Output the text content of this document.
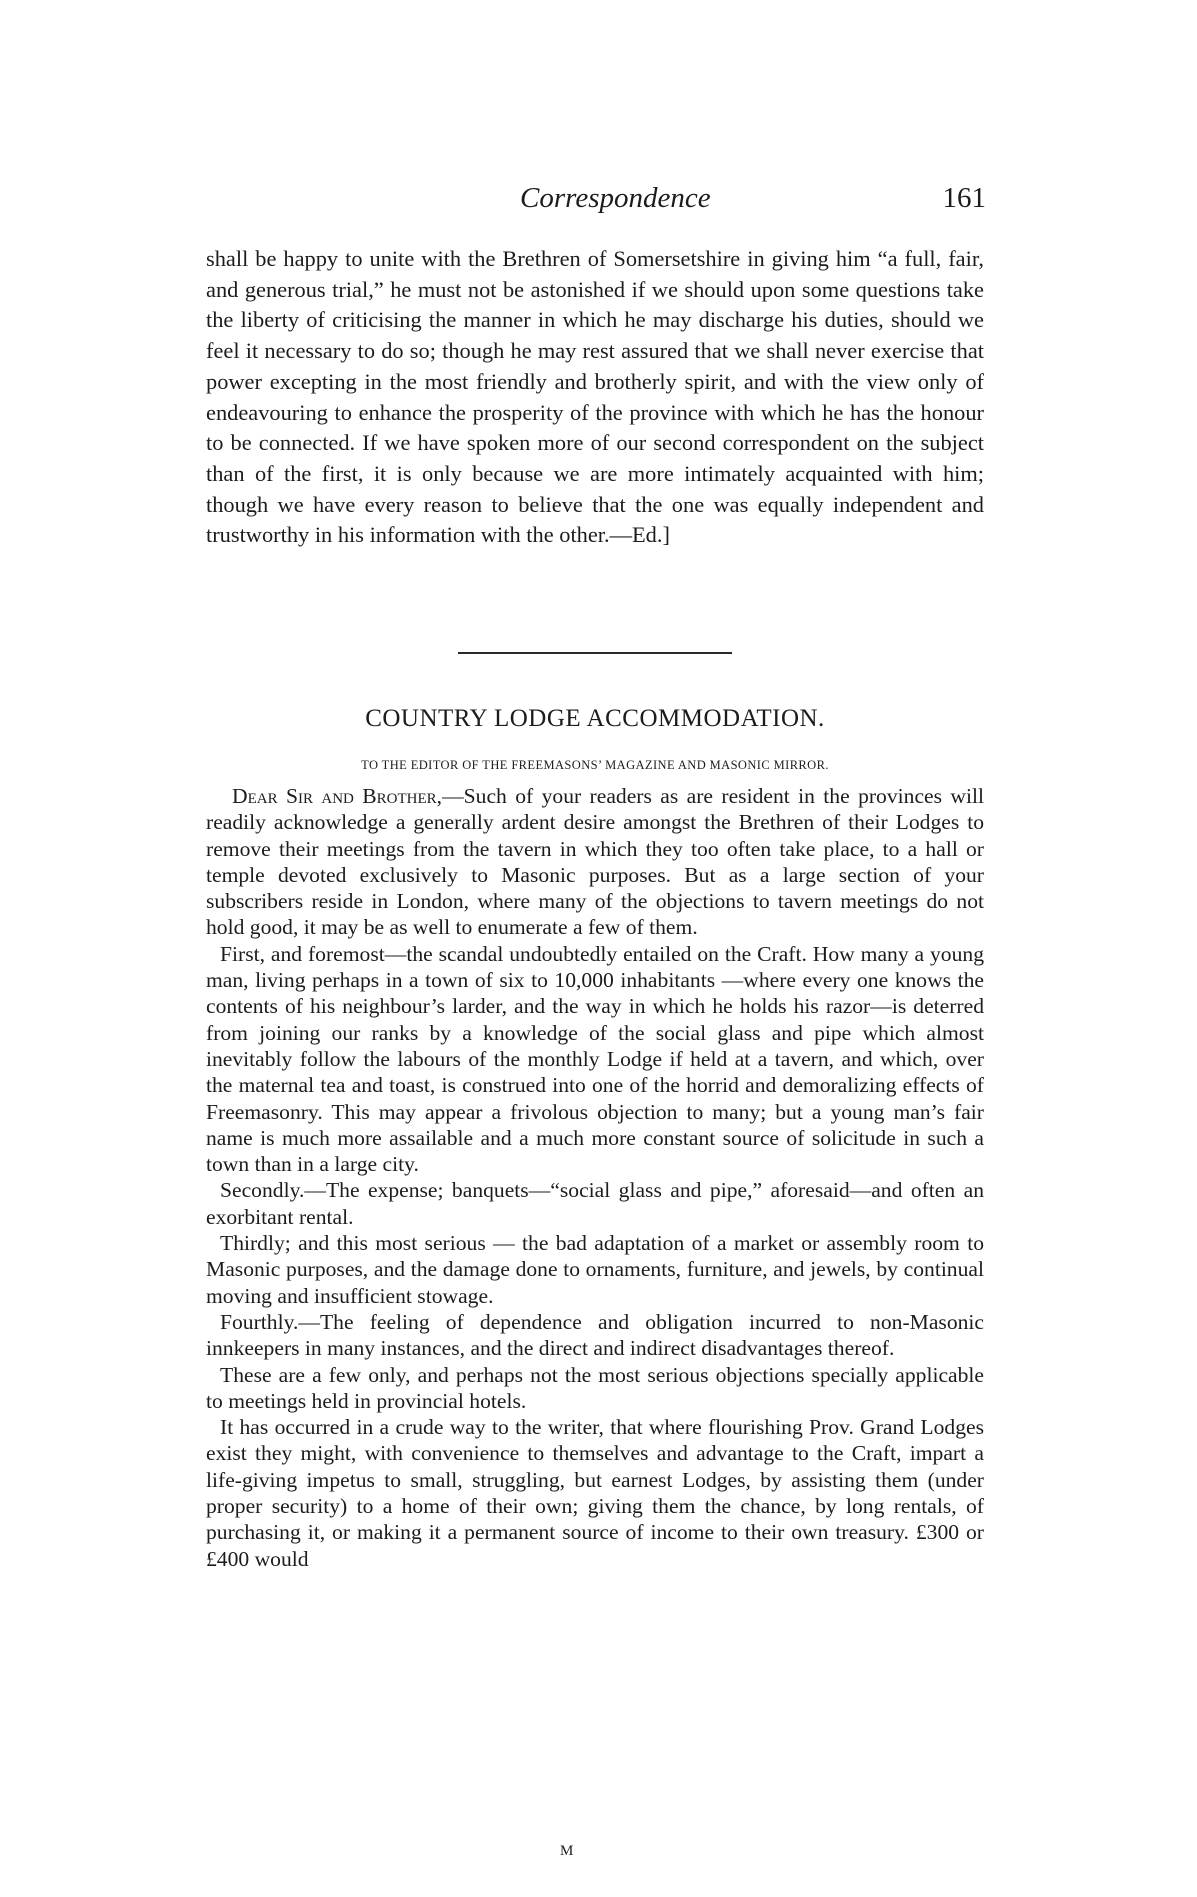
Correspondence	161

shall be happy to unite with the Brethren of Somersetshire in giving him “a full, fair, and generous trial,” he must not be astonished if we should upon some questions take the liberty of criticising the manner in which he may discharge his duties, should we feel it necessary to do so; though he may rest assured that we shall never exercise that power excepting in the most friendly and brotherly spirit, and with the view only of endeavouring to enhance the prosperity of the province with which he has the honour to be connected. If we have spoken more of our second correspondent on the subject than of the first, it is only because we are more intimately acquainted with him; though we have every reason to believe that the one was equally independent and trustworthy in his information with the other.—Ed.]

COUNTRY LODGE ACCOMMODATION.
TO THE EDITOR OF THE FREEMASONS’ MAGAZINE AND MASONIC MIRROR.

Dear Sir and Brother,—Such of your readers as are resident in the provinces will readily acknowledge a generally ardent desire amongst the Brethren of their Lodges to remove their meetings from the tavern in which they too often take place, to a hall or temple devoted exclusively to Masonic purposes. But as a large section of your subscribers reside in London, where many of the objections to tavern meetings do not hold good, it may be as well to enumerate a few of them.

First, and foremost—the scandal undoubtedly entailed on the Craft. How many a young man, living perhaps in a town of six to 10,000 inhabitants —where every one knows the contents of his neighbour’s larder, and the way in which he holds his razor—is deterred from joining our ranks by a knowledge of the social glass and pipe which almost inevitably follow the labours of the monthly Lodge if held at a tavern, and which, over the maternal tea and toast, is construed into one of the horrid and demoralizing effects of Freemasonry. This may appear a frivolous objection to many; but a young man’s fair name is much more assailable and a much more constant source of solicitude in such a town than in a large city.

Secondly.—The expense; banquets—“social glass and pipe,” aforesaid—and often an exorbitant rental.

Thirdly; and this most serious — the bad adaptation of a market or assembly room to Masonic purposes, and the damage done to ornaments, furniture, and jewels, by continual moving and insufficient stowage.

Fourthly.—The feeling of dependence and obligation incurred to non-Masonic innkeepers in many instances, and the direct and indirect disadvantages thereof.

These are a few only, and perhaps not the most serious objections specially applicable to meetings held in provincial hotels.

It has occurred in a crude way to the writer, that where flourishing Prov. Grand Lodges exist they might, with convenience to themselves and advantage to the Craft, impart a life-giving impetus to small, struggling, but earnest Lodges, by assisting them (under proper security) to a home of their own; giving them the chance, by long rentals, of purchasing it, or making it a permanent source of income to their own treasury. £300 or £400 would

M
